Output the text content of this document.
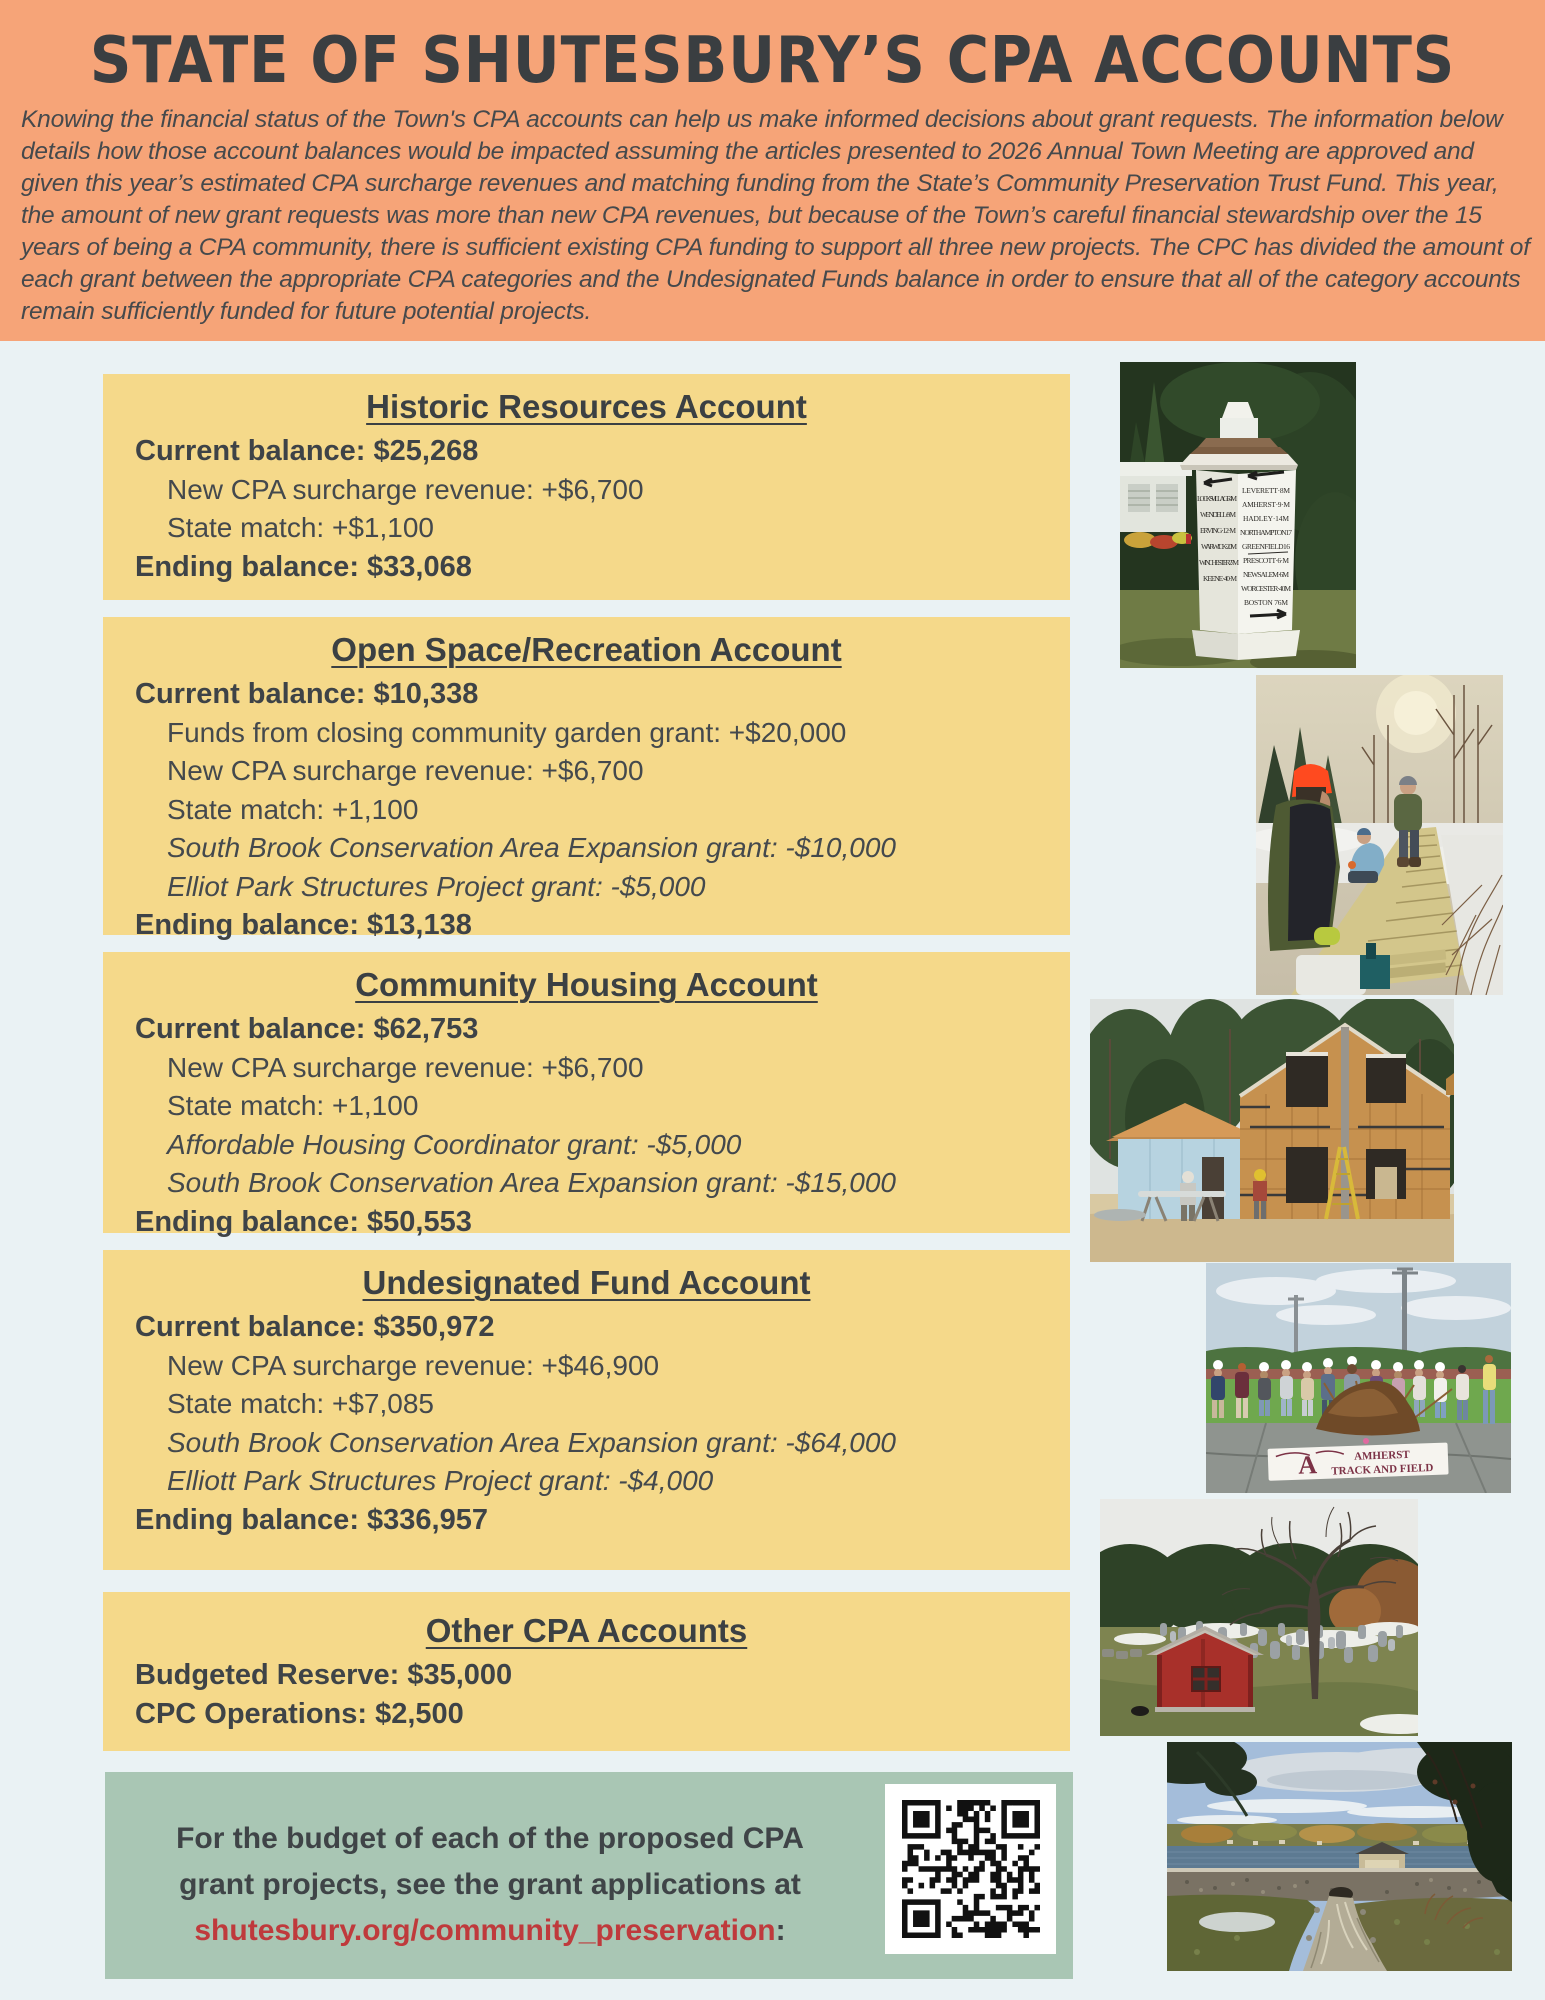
STATE OF SHUTESBURY’S CPA ACCOUNTS

Knowing the financial status of the Town's CPA accounts can help us make informed decisions about grant requests. The information below details how those account balances would be impacted assuming the articles presented to 2026 Annual Town Meeting are approved and given this year’s estimated CPA surcharge revenues and matching funding from the State’s Community Preservation Trust Fund. This year, the amount of new grant requests was more than new CPA revenues, but because of the Town’s careful financial stewardship over the 15 years of being a CPA community, there is sufficient existing CPA funding to support all three new projects. The CPC has divided the amount of each grant between the appropriate CPA categories and the Undesignated Funds balance in order to ensure that all of the category accounts remain sufficiently funded for future potential projects.

Historic Resources Account
Current balance: $25,268
New CPA surcharge revenue: +$6,700
State match: +$1,100
Ending balance: $33,068
Open Space/Recreation Account
Current balance: $10,338
Funds from closing community garden grant: +$20,000
New CPA surcharge revenue: +$6,700
State match: +1,100
South Brook Conservation Area Expansion grant: -$10,000
Elliot Park Structures Project grant: -$5,000
Ending balance: $13,138
Community Housing Account
Current balance: $62,753
New CPA surcharge revenue: +$6,700
State match: +1,100
Affordable Housing Coordinator grant: -$5,000
South Brook Conservation Area Expansion grant: -$15,000
Ending balance: $50,553
Undesignated Fund Account
Current balance: $350,972
New CPA surcharge revenue: +$46,900
State match: +$7,085
South Brook Conservation Area Expansion grant: -$64,000
Elliott Park Structures Project grant: -$4,000
Ending balance: $336,957
Other CPA Accounts
Budgeted Reserve: $35,000
CPC Operations: $2,500
For the budget of each of the proposed CPA
grant projects, see the grant applications at
shutesbury.org/community_preservation:
LOCKS VILLAGE4M
WENDELL·8·M
ERVING·12·M
WARWICK·20M
WINCHESTER27M
KEENE·40·M
LEVERETT·8M
AMHERST·9·M
HADLEY·14M
NORTHAMPTON17
GREENFIELD16
PRESCOTT·6·M
NEWSALEM·6M
WORCESTER·40M
BOSTON 76M
A	AMHERST
TRACK AND FIELD
